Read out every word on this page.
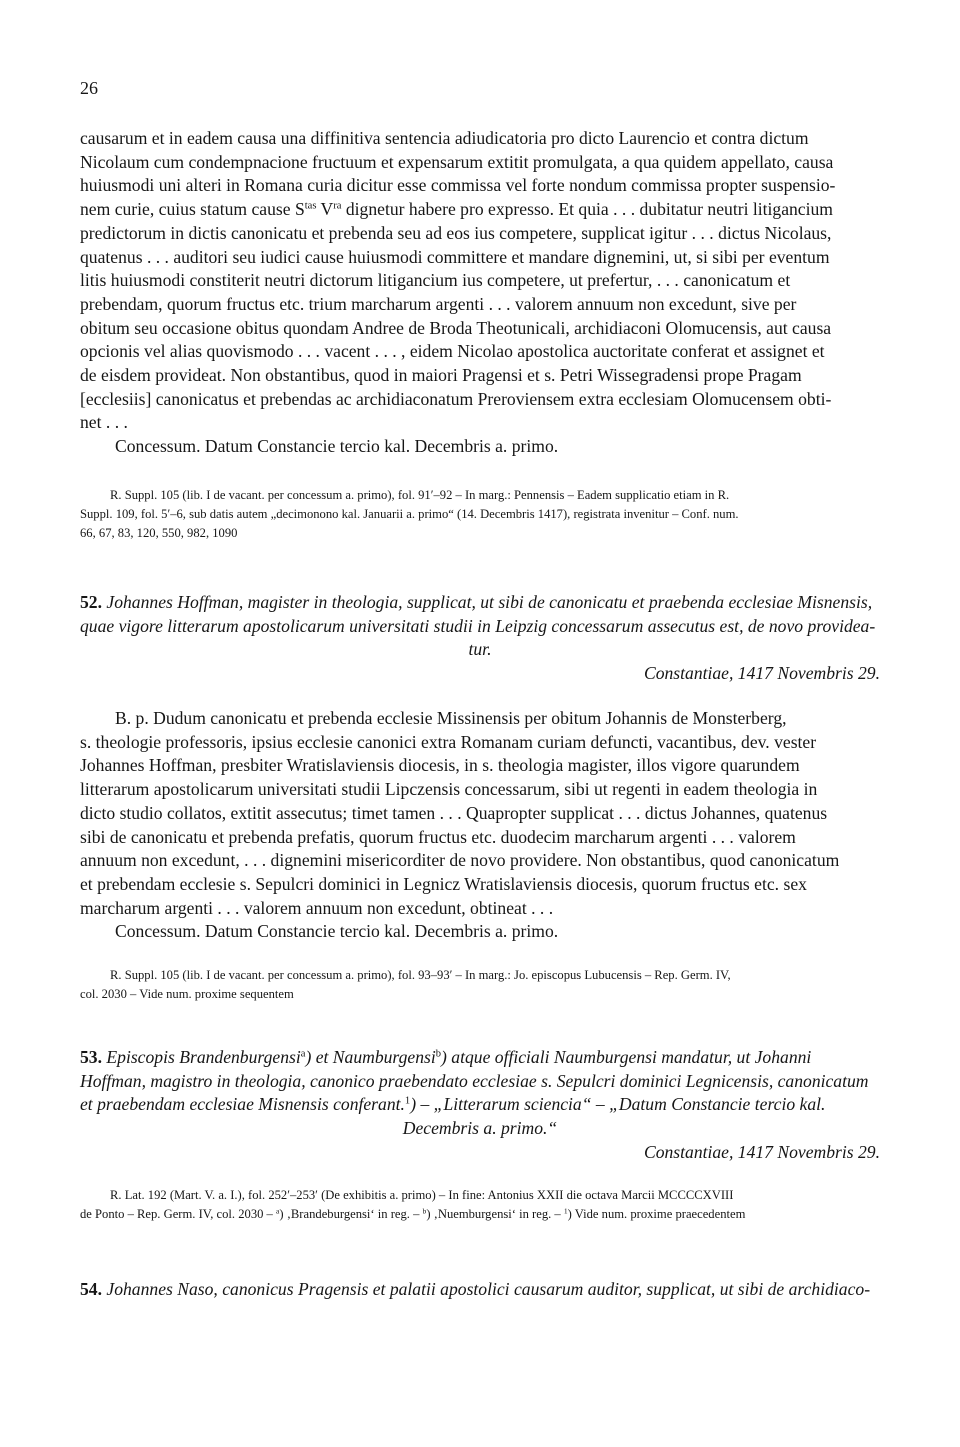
26

causarum et in eadem causa una diffinitiva sentencia adiudicatoria pro dicto Laurencio et contra dictum

Nicolaum cum condempnacione fructuum et expensarum extitit promulgata, a qua quidem appellato, causa

huiusmodi uni alteri in Romana curia dicitur esse commissa vel forte nondum commissa propter suspensio-

nem curie, cuius statum cause $S^{tas}$ $V^{ra}$ dignetur habere pro expresso. Et quia . . . dubitatur neutri litigancium

predictorum in dictis canonicatu et prebenda seu ad eos ius competere, supplicat igitur . . . dictus Nicolaus,

quatenus . . . auditori seu iudici cause huiusmodi committere et mandare dignemini, ut, si sibi per eventum

litis huiusmodi constiterit neutri dictorum litigancium ius competere, ut prefertur, . . . canonicatum et

prebendam, quorum fructus etc. trium marcharum argenti . . . valorem annuum non excedunt, sive per

obitum seu occasione obitus quondam Andree de Broda Theotunicali, archidiaconi Olomucensis, aut causa

opcionis vel alias quovismodo . . . vacent . . . , eidem Nicolao apostolica auctoritate conferat et assignet et

de eisdem provideat. Non obstantibus, quod in maiori Pragensi et s. Petri Wissegradensi prope Pragam

[ecclesiis] canonicatus et prebendas ac archidiaconatum Preroviensem extra ecclesiam Olomucensem obti-

net . . .

Concessum. Datum Constancie tercio kal. Decembris a. primo.

R. Suppl. 105 (lib. I de vacant. per concessum a. primo), fol. 91′–92 – In marg.: Pennensis – Eadem supplicatio etiam in R.

Suppl. 109, fol. 5′–6, sub datis autem „decimonono kal. Januarii a. primo“ (14. Decembris 1417), registrata invenitur – Conf. num.

66, 67, 83, 120, 550, 982, 1090

52. Johannes Hoffman, magister in theologia, supplicat, ut sibi de canonicatu et praebenda ecclesiae Misnensis,

quae vigore litterarum apostolicarum universitati studii in Leipzig concessarum assecutus est, de novo providea-

tur.

Constantiae, 1417 Novembris 29.

B. p. Dudum canonicatu et prebenda ecclesie Missinensis per obitum Johannis de Monsterberg,

s. theologie professoris, ipsius ecclesie canonici extra Romanam curiam defuncti, vacantibus, dev. vester

Johannes Hoffman, presbiter Wratislaviensis diocesis, in s. theologia magister, illos vigore quarundem

litterarum apostolicarum universitati studii Lipczensis concessarum, sibi ut regenti in eadem theologia in

dicto studio collatos, extitit assecutus; timet tamen . . . Quapropter supplicat . . . dictus Johannes, quatenus

sibi de canonicatu et prebenda prefatis, quorum fructus etc. duodecim marcharum argenti . . . valorem

annuum non excedunt, . . . dignemini misericorditer de novo providere. Non obstantibus, quod canonicatum

et prebendam ecclesie s. Sepulcri dominici in Legnicz Wratislaviensis diocesis, quorum fructus etc. sex

marcharum argenti . . . valorem annuum non excedunt, obtineat . . .

Concessum. Datum Constancie tercio kal. Decembris a. primo.

R. Suppl. 105 (lib. I de vacant. per concessum a. primo), fol. 93–93′ – In marg.: Jo. episcopus Lubucensis – Rep. Germ. IV,

col. 2030 – Vide num. proxime sequentem

53. Episcopis Brandenburgensi$^a$) et Naumburgensi$^b$) atque officiali Naumburgensi mandatur, ut Johanni

Hoffman, magistro in theologia, canonico praebendato ecclesiae s. Sepulcri dominici Legnicensis, canonicatum

et praebendam ecclesiae Misnensis conferant.$^1$) – „Litterarum sciencia“ – „Datum Constancie tercio kal.

Decembris a. primo.“

Constantiae, 1417 Novembris 29.

R. Lat. 192 (Mart. V. a. I.), fol. 252′–253′ (De exhibitis a. primo) – In fine: Antonius XXII die octava Marcii MCCCCXVIII

de Ponto – Rep. Germ. IV, col. 2030 – $^a$) ‚Brandeburgensi‘ in reg. – $^b$) ‚Nuemburgensi‘ in reg. – $^1$) Vide num. proxime praecedentem

54. Johannes Naso, canonicus Pragensis et palatii apostolici causarum auditor, supplicat, ut sibi de archidiaco-
